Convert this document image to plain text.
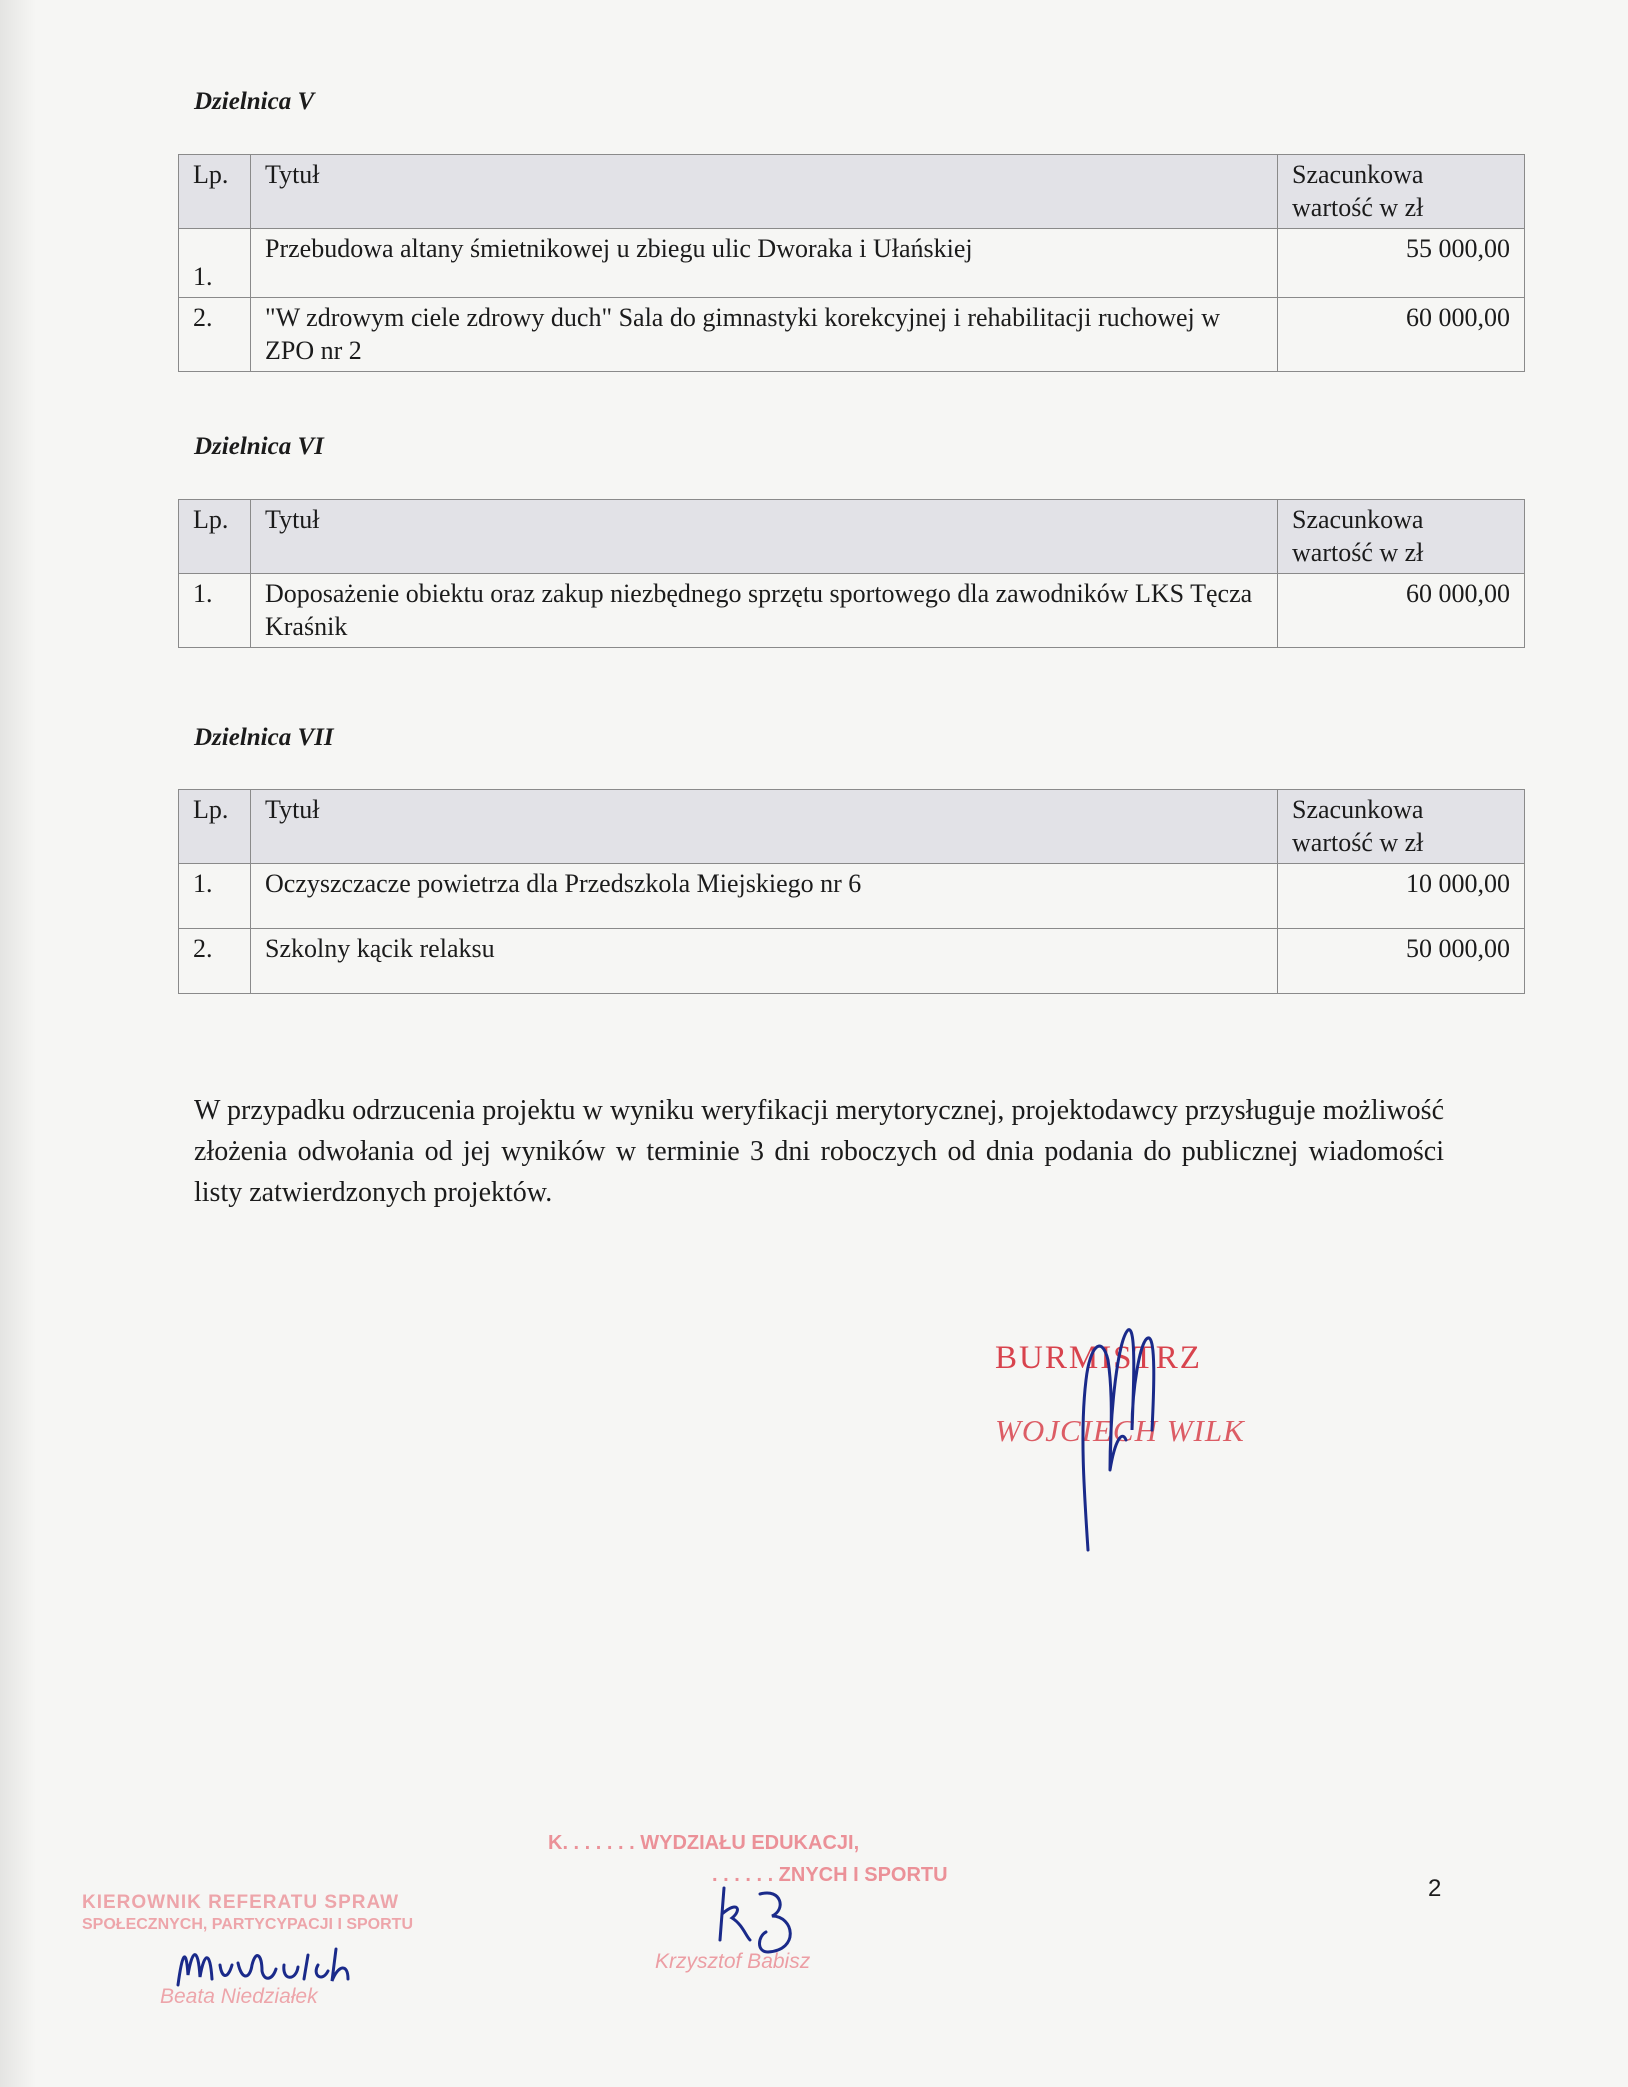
Dzielnica V
Lp.	Tytuł	Szacunkowa
wartość w zł
1.	Przebudowa altany śmietnikowej u zbiegu ulic Dworaka i Ułańskiej	55 000,00
2.	"W zdrowym ciele zdrowy duch" Sala do gimnastyki korekcyjnej i rehabilitacji ruchowej w ZPO nr 2	60 000,00
Dzielnica VI
Lp.	Tytuł	Szacunkowa
wartość w zł
1.	Doposażenie obiektu oraz zakup niezbędnego sprzętu sportowego dla zawodników LKS Tęcza Kraśnik	60 000,00
Dzielnica VII
Lp.	Tytuł	Szacunkowa
wartość w zł
1.	Oczyszczacze powietrza dla Przedszkola Miejskiego nr 6	10 000,00
2.	Szkolny kącik relaksu	50 000,00
W przypadku odrzucenia projektu w wyniku weryfikacji merytorycznej, projektodawcy przysługuje możliwość złożenia odwołania od jej wyników w terminie 3 dni roboczych od dnia podania do publicznej wiadomości listy zatwierdzonych projektów.
BURMISTRZ
WOJCIECH WILK
KIEROWNIK REFERATU SPRAW
SPOŁECZNYCH, PARTYCYPACJI I SPORTU
Beata Niedziałek
K. . . . . . . WYDZIAŁU EDUKACJI,
. . . . . . ZNYCH I SPORTU
Krzysztof Babisz
2
